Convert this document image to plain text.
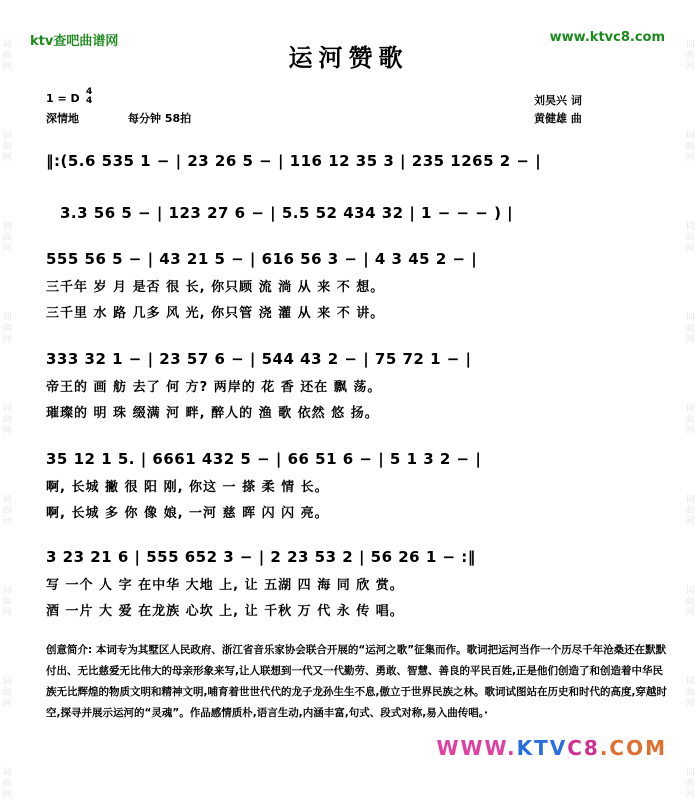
词曲网
词曲网
词曲网
词曲网
词曲网
词曲网
词曲网
词曲网
词曲网
词曲网
词曲网
词曲网
词曲网
词曲网
词曲网
词曲网
词曲网
词曲网
ktv查吧曲谱网	www.ktvc8.com
运河赞歌
1 = D 4
4
深情地	每分钟 58拍
刘昊兴 词
黄健雄 曲
‖:(5.6 535 1 − | 23 26 5 − | 116 12 35 3 | 235 1265 2 − |
3.3 56 5 − | 123 27 6 − | 5.5 52 434 32 | 1 − − − ) |
555 56 5 − | 43 21 5 − | 616 56 3 − | 4 3 45 2 − |
三千年 岁 月 是否 很 长, 你只顾 流 淌 从 来 不 想。
三千里 水 路 几多 风 光, 你只管 浇 灌 从 来 不 讲。
333 32 1 − | 23 57 6 − | 544 43 2 − | 75 72 1 − |
帝王的 画 舫 去了 何 方? 两岸的 花 香 还在 飘 荡。
璀璨的 明 珠 缀满 河 畔, 醉人的 渔 歌 依然 悠 扬。
35 12 1 5. | 6661 432 5 − | 66 51 6 − | 5 1 3 2 − |
啊, 长城 撇 很 阳 刚, 你这 一 搽 柔 情 长。
啊, 长城 多 你 像 娘, 一河 慈 晖 闪 闪 亮。
3 23 21 6 | 555 652 3 − | 2 23 53 2 | 56 26 1 − :‖
写 一个 人 字 在中华 大地 上, 让 五湖 四 海 同 欣 赏。
酒 一片 大 爱 在龙族 心坎 上, 让 千秋 万 代 永 传 唱。
创意简介: 本词专为其墅区人民政府、浙江省音乐家协会联合开展的“运河之歌”征集而作。歌词把运河当作一个历尽千年沧桑还在默默付出、无比慈爱无比伟大的母亲形象来写,让人联想到一代又一代勤劳、勇敢、智慧、善良的平民百姓,正是他们创造了和创造着中华民族无比辉煌的物质文明和精神文明,哺育着世世代代的龙子龙孙生生不息,傲立于世界民族之林。歌词试图站在历史和时代的高度,穿越时空,探寻并展示运河的“灵魂”。作品感情质朴,语言生动,内涵丰富,句式、段式对称,易入曲传唱。·
WWW.KTVC8.COM
